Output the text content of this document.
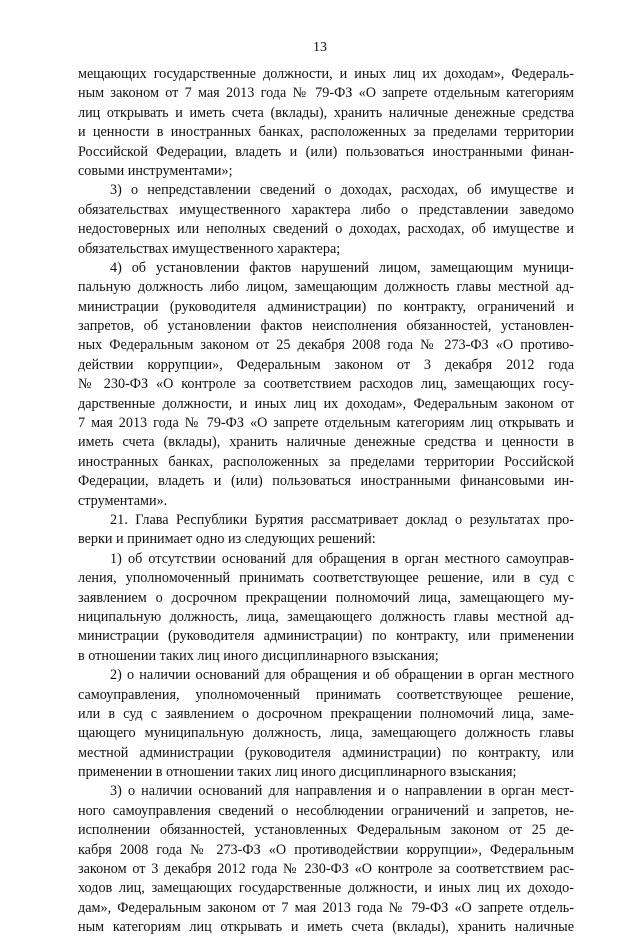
13
мещающих государственные должности, и иных лиц их доходам», Федераль-
ным законом от 7 мая 2013 года № 79-ФЗ «О запрете отдельным категориям
лиц открывать и иметь счета (вклады), хранить наличные денежные средства
и ценности в иностранных банках, расположенных за пределами территории
Российской Федерации, владеть и (или) пользоваться иностранными финан-
совыми инструментами»;
3) о непредставлении сведений о доходах, расходах, об имуществе и
обязательствах имущественного характера либо о представлении заведомо
недостоверных или неполных сведений о доходах, расходах, об имуществе и
обязательствах имущественного характера;
4) об установлении фактов нарушений лицом, замещающим муници-
пальную должность либо лицом, замещающим должность главы местной ад-
министрации (руководителя администрации) по контракту, ограничений и
запретов, об установлении фактов неисполнения обязанностей, установлен-
ных Федеральным законом от 25 декабря 2008 года № 273-ФЗ «О противо-
действии коррупции», Федеральным законом от 3 декабря 2012 года
№ 230-ФЗ «О контроле за соответствием расходов лиц, замещающих госу-
дарственные должности, и иных лиц их доходам», Федеральным законом от
7 мая 2013 года № 79-ФЗ «О запрете отдельным категориям лиц открывать и
иметь счета (вклады), хранить наличные денежные средства и ценности в
иностранных банках, расположенных за пределами территории Российской
Федерации, владеть и (или) пользоваться иностранными финансовыми ин-
струментами».
21. Глава Республики Бурятия рассматривает доклад о результатах про-
верки и принимает одно из следующих решений:
1) об отсутствии оснований для обращения в орган местного самоуправ-
ления, уполномоченный принимать соответствующее решение, или в суд с
заявлением о досрочном прекращении полномочий лица, замещающего му-
ниципальную должность, лица, замещающего должность главы местной ад-
министрации (руководителя администрации) по контракту, или применении
в отношении таких лиц иного дисциплинарного взыскания;
2) о наличии оснований для обращения и об обращении в орган местного
самоуправления, уполномоченный принимать соответствующее решение,
или в суд с заявлением о досрочном прекращении полномочий лица, заме-
щающего муниципальную должность, лица, замещающего должность главы
местной администрации (руководителя администрации) по контракту, или
применении в отношении таких лиц иного дисциплинарного взыскания;
3) о наличии оснований для направления и о направлении в орган мест-
ного самоуправления сведений о несоблюдении ограничений и запретов, не-
исполнении обязанностей, установленных Федеральным законом от 25 де-
кабря 2008 года № 273-ФЗ «О противодействии коррупции», Федеральным
законом от 3 декабря 2012 года № 230-ФЗ «О контроле за соответствием рас-
ходов лиц, замещающих государственные должности, и иных лиц их доходо-
дам», Федеральным законом от 7 мая 2013 года № 79-ФЗ «О запрете отдель-
ным категориям лиц открывать и иметь счета (вклады), хранить наличные
